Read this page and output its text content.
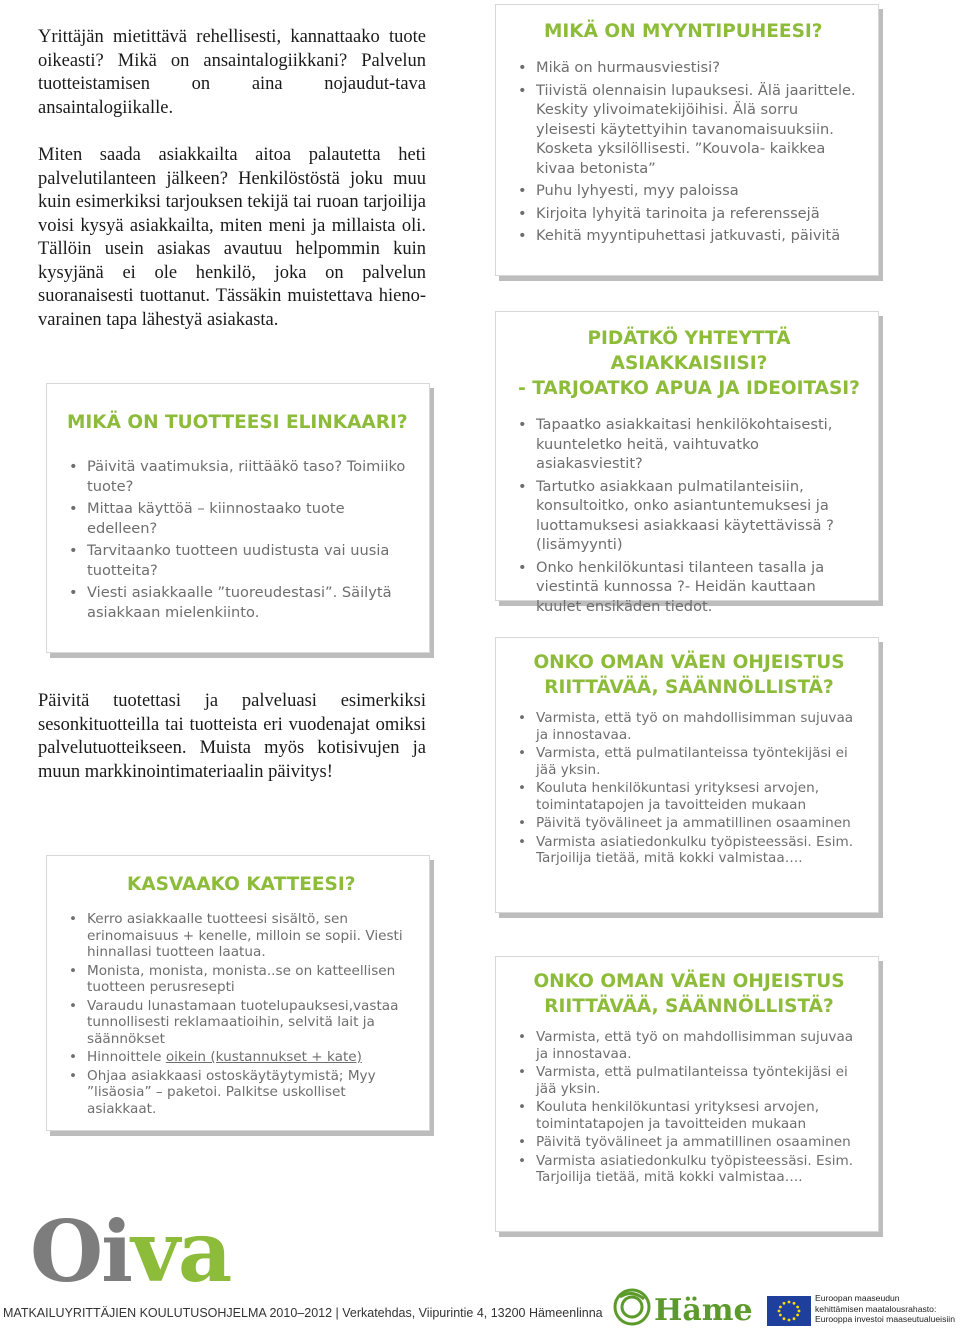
Yrittäjän mietittävä rehellisesti, kannattaako tuote oikeasti? Mikä on ansaintalogiikkani? Palvelun tuotteistamisen on aina nojaudut-tava ansaintalogiikalle.

Miten saada asiakkailta aitoa palautetta heti palvelutilanteen jälkeen? Henkilöstöstä joku muu kuin esimerkiksi tarjouksen tekijä tai ruoan tarjoilija voisi kysyä asiakkailta, miten meni ja millaista oli. Tällöin usein asiakas avautuu helpommin kuin kysyjänä ei ole henkilö, joka on palvelun suoranaisesti tuottanut. Tässäkin muistettava hieno-varainen tapa lähestyä asiakasta.

Päivitä tuotettasi ja palveluasi esimerkiksi sesonkituotteilla tai tuotteista eri vuodenajat omiksi palvelutuotteikseen. Muista myös kotisivujen ja muun markkinointimateriaalin päivitys!

MIKÄ ON MYYNTIPUHEESI?
• Mikä on hurmausviestisi?
• Tiivistä olennaisin lupauksesi. Älä jaarittele. Keskity ylivoimatekijöihisi. Älä sorru yleisesti käytettyihin tavanomaisuuksiin. Kosketa yksilöllisesti. ”Kouvola- kaikkea kivaa betonista”
• Puhu lyhyesti, myy paloissa
• Kirjoita lyhyitä tarinoita ja referenssejä
• Kehitä myyntipuhettasi jatkuvasti, päivitä
PIDÄTKÖ YHTEYTTÄ ASIAKKAISIISI?
- TARJOATKO APUA JA IDEOITASI?
• Tapaatko asiakkaitasi henkilökohtaisesti, kuunteletko heitä, vaihtuvatko asiakasviestit?
• Tartutko asiakkaan pulmatilanteisiin, konsultoitko, onko asiantuntemuksesi ja luottamuksesi asiakkaasi käytettävissä ?(lisämyynti)
• Onko henkilökuntasi tilanteen tasalla ja viestintä kunnossa ?- Heidän kauttaan kuulet ensikäden tiedot.
MIKÄ ON TUOTTEESI ELINKAARI?
• Päivitä vaatimuksia, riittääkö taso? Toimiiko tuote?
• Mittaa käyttöä – kiinnostaako tuote edelleen?
• Tarvitaanko tuotteen uudistusta vai uusia tuotteita?
• Viesti asiakkaalle ”tuoreudestasi”. Säilytä asiakkaan mielenkiinto.
ONKO OMAN VÄEN OHJEISTUS
RIITTÄVÄÄ, SÄÄNNÖLLISTÄ?
• Varmista, että työ on mahdollisimman sujuvaa ja innostavaa.
• Varmista, että pulmatilanteissa työntekijäsi ei jää yksin.
• Kouluta henkilökuntasi yrityksesi arvojen, toimintatapojen ja tavoitteiden mukaan
• Päivitä työvälineet ja ammatillinen osaaminen
• Varmista asiatiedonkulku työpisteessäsi. Esim. Tarjoilija tietää, mitä kokki valmistaa….
KASVAAKO KATTEESI?
• Kerro asiakkaalle tuotteesi sisältö, sen erinomaisuus + kenelle, milloin se sopii. Viesti hinnallasi tuotteen laatua.
• Monista, monista, monista..se on katteellisen tuotteen perusresepti
• Varaudu lunastamaan tuotelupauksesi,vastaa tunnollisesti reklamaatioihin, selvitä lait ja säännökset
• Hinnoittele oikein (kustannukset + kate)
• Ohjaa asiakkaasi ostoskäytäytymistä; Myy ”lisäosia” – paketoi. Palkitse uskolliset asiakkaat.
ONKO OMAN VÄEN OHJEISTUS
RIITTÄVÄÄ, SÄÄNNÖLLISTÄ?
• Varmista, että työ on mahdollisimman sujuvaa ja innostavaa.
• Varmista, että pulmatilanteissa työntekijäsi ei jää yksin.
• Kouluta henkilökuntasi yrityksesi arvojen, toimintatapojen ja tavoitteiden mukaan
• Päivitä työvälineet ja ammatillinen osaaminen
• Varmista asiatiedonkulku työpisteessäsi. Esim. Tarjoilija tietää, mitä kokki valmistaa….
Oiva
MATKAILUYRITTÄJIEN KOULUTUSOHJELMA 2010–2012 | Verkatehdas, Viipurintie 4, 13200 Hämeenlinna Häme	Euroopan maaseudun
kehittämisen maatalousrahasto:
Eurooppa investoi maaseutualueisiin
